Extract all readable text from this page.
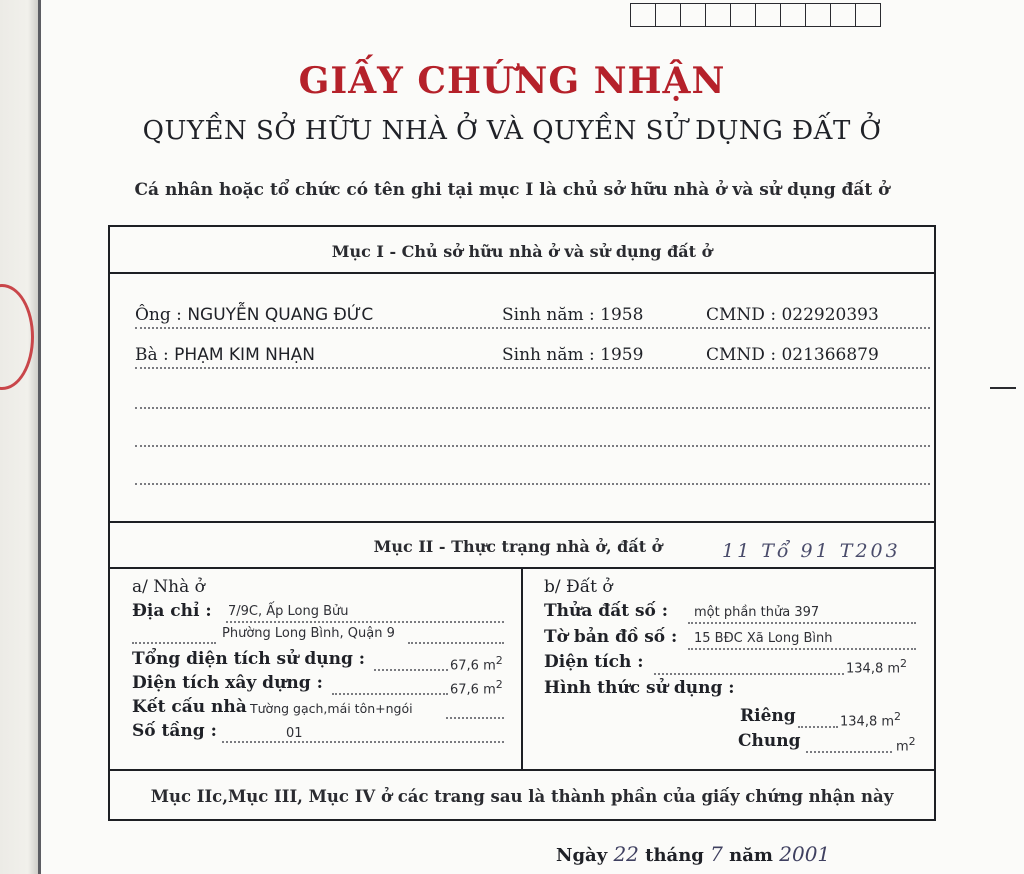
GIẤY CHỨNG NHẬN
QUYỀN SỞ HỮU NHÀ Ở VÀ QUYỀN SỬ DỤNG ĐẤT Ở
Cá nhân hoặc tổ chức có tên ghi tại mục I là chủ sở hữu nhà ở và sử dụng đất ở
Mục I - Chủ sở hữu nhà ở và sử dụng đất ở
Ông : NGUYỄN QUANG ĐỨC	Sinh năm : 1958	CMND : 022920393
Bà : PHẠM KIM NHẠN	Sinh năm : 1959	CMND : 021366879
Mục II - Thực trạng nhà ở, đất ở	11 Tổ 91 T203
a/ Nhà ở
Địa chỉ : 7/9C, Ấp Long Bửu
Phường Long Bình, Quận 9
Tổng diện tích sử dụng :	67,6 $m^2$
Diện tích xây dựng :	67,6 $m^2$
Kết cấu nhà Tường gạch,mái tôn+ngói
Số tầng :	01
b/ Đất ở
Thửa đất số : một phần thửa 397
Tờ bản đồ số : 15 BĐC Xã Long Bình
Diện tích :	134,8 $m^2$
Hình thức sử dụng :
Riêng	134,8 $m^2$
Chung	$m^2$
Mục IIc,Mục III, Mục IV ở các trang sau là thành phần của giấy chứng nhận này
Ngày 22 tháng 7 năm 2001
